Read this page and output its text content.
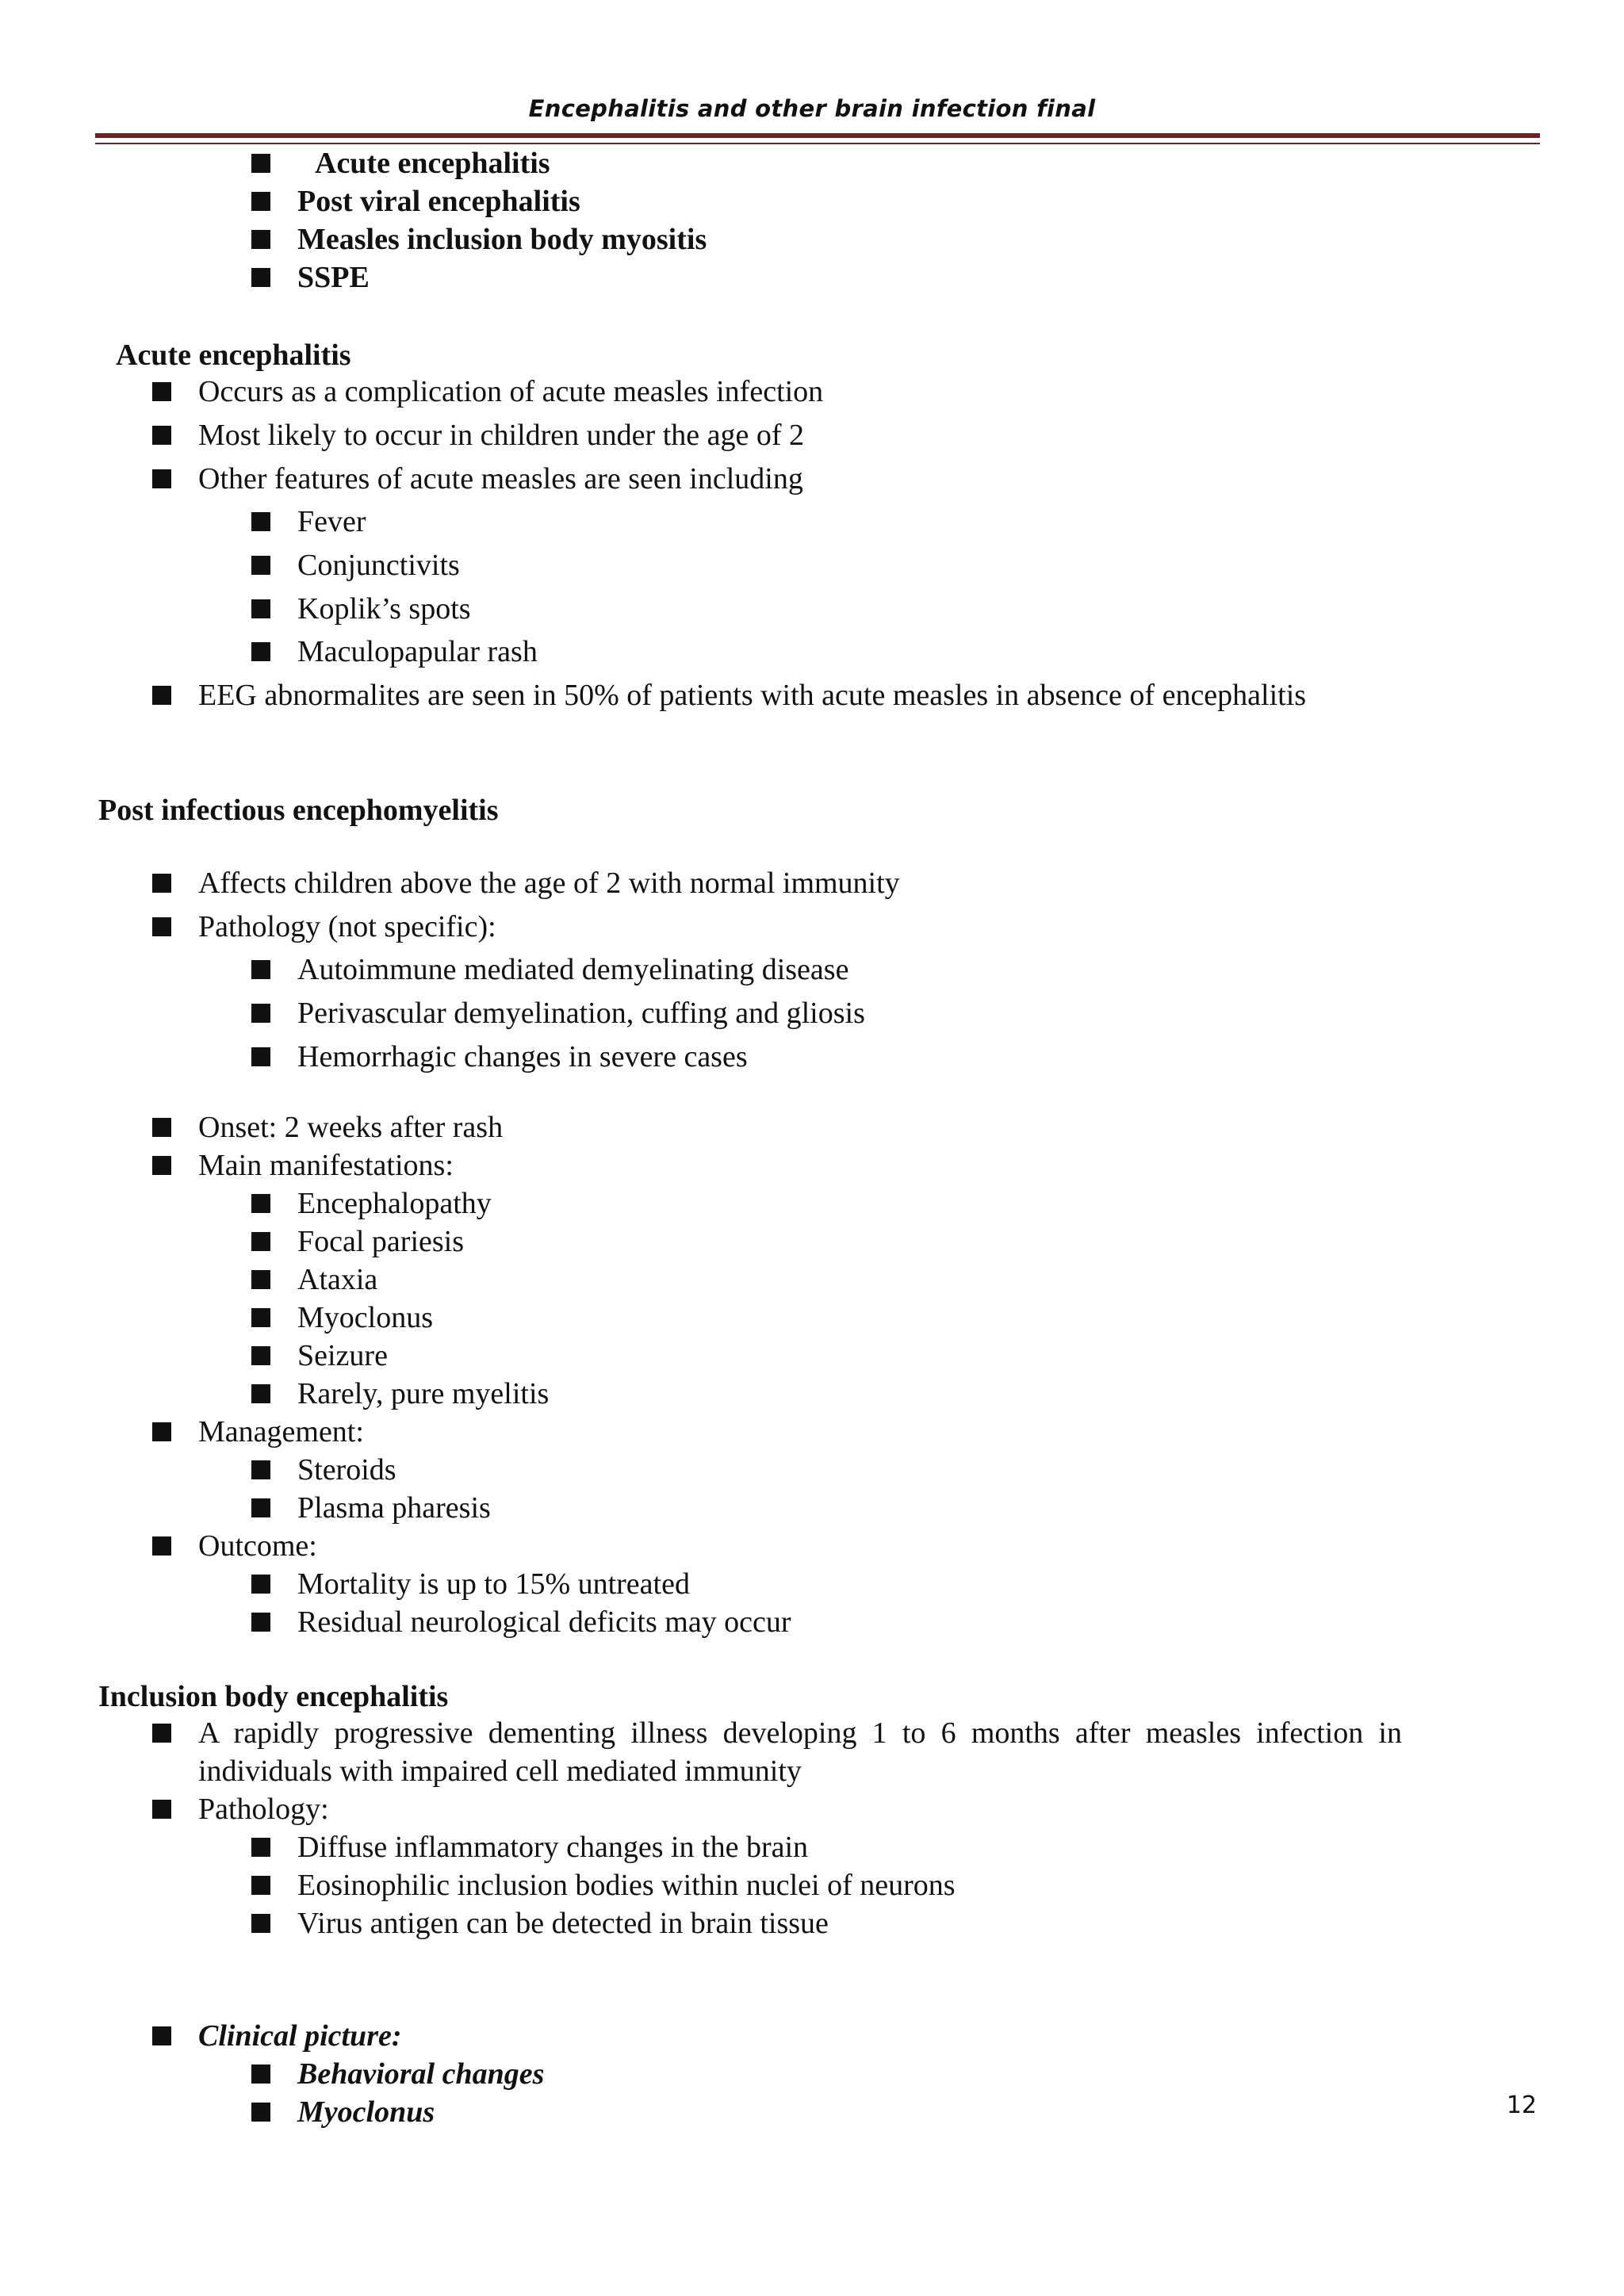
Encephalitis and other brain infection final
Acute encephalitis
Post viral encephalitis
Measles inclusion body myositis
SSPE
Acute encephalitis
Occurs as a complication of acute measles infection
Most likely to occur in children under the age of 2
Other features of acute measles are seen including
Fever
Conjunctivits
Koplik’s spots
Maculopapular rash
EEG abnormalites are seen in 50% of patients with acute measles in absence of encephalitis
Post infectious encephomyelitis
Affects children above the age of 2 with normal immunity
Pathology (not specific):
Autoimmune mediated demyelinating disease
Perivascular demyelination, cuffing and gliosis
Hemorrhagic changes in severe cases
Onset: 2 weeks after rash
Main manifestations:
Encephalopathy
Focal pariesis
Ataxia
Myoclonus
Seizure
Rarely, pure myelitis
Management:
Steroids
Plasma pharesis
Outcome:
Mortality is up to 15% untreated
Residual neurological deficits may occur
Inclusion body encephalitis
A rapidly progressive dementing illness developing 1 to 6 months after measles infection in individuals with impaired cell mediated immunity
Pathology:
Diffuse inflammatory changes in the brain
Eosinophilic inclusion bodies within nuclei of neurons
Virus antigen can be detected in brain tissue
Clinical picture:
Behavioral changes
Myoclonus	12
